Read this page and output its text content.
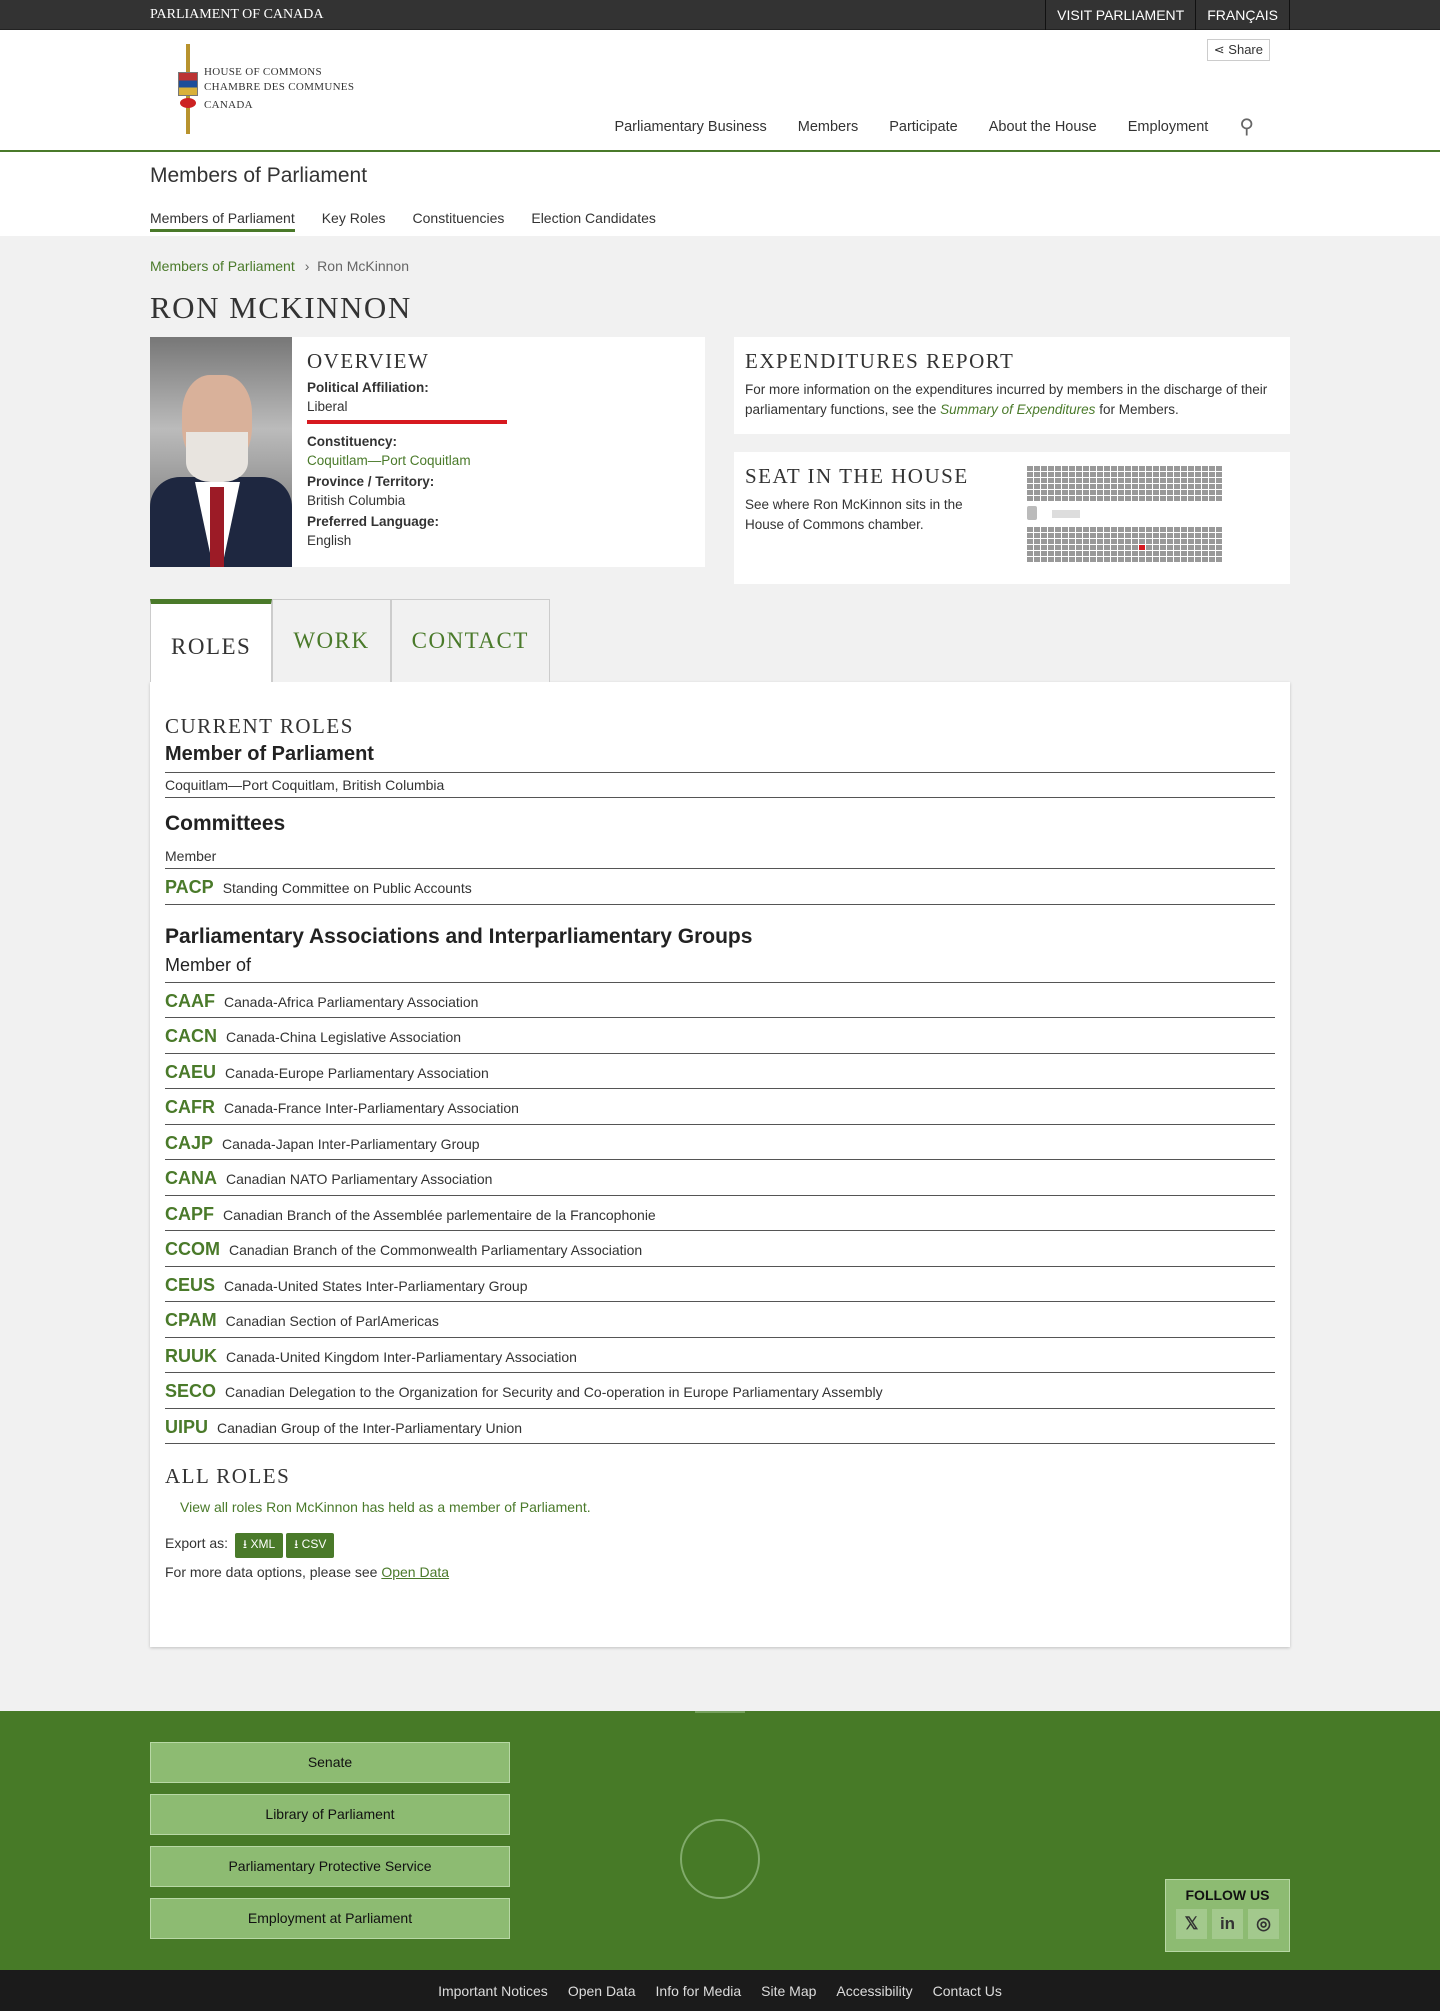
PARLIAMENT OF CANADA	VISIT PARLIAMENT	FRANÇAIS
HOUSE OF COMMONS
CHAMBRE DES COMMUNES
CANADA
⋖ Share
Parliamentary Business Members Participate About the House Employment ⚲
Members of Parliament
Members of Parliament Key Roles Constituencies Election Candidates
Members of Parliament › Ron McKinnon
RON MCKINNON
OVERVIEW
Political Affiliation:
Liberal
Constituency:
Coquitlam—Port Coquitlam
Province / Territory:
British Columbia
Preferred Language:
English
EXPENDITURES REPORT

For more information on the expenditures incurred by members in the discharge of their parliamentary functions, see the Summary of Expenditures for Members.

SEAT IN THE HOUSE

See where Ron McKinnon sits in the House of Commons chamber.

ROLES	WORK	CONTACT
CURRENT ROLES
Member of Parliament
Coquitlam—Port Coquitlam, British Columbia
Committees
Member
PACP Standing Committee on Public Accounts
Parliamentary Associations and Interparliamentary Groups
Member of
CAAF Canada-Africa Parliamentary Association
CACN Canada-China Legislative Association
CAEU Canada-Europe Parliamentary Association
CAFR Canada-France Inter-Parliamentary Association
CAJP Canada-Japan Inter-Parliamentary Group
CANA Canadian NATO Parliamentary Association
CAPF Canadian Branch of the Assemblée parlementaire de la Francophonie
CCOM Canadian Branch of the Commonwealth Parliamentary Association
CEUS Canada-United States Inter-Parliamentary Group
CPAM Canadian Section of ParlAmericas
RUUK Canada-United Kingdom Inter-Parliamentary Association
SECO Canadian Delegation to the Organization for Security and Co-operation in Europe Parliamentary Assembly
UIPU Canadian Group of the Inter-Parliamentary Union
ALL ROLES
View all roles Ron McKinnon has held as a member of Parliament.
Export as: ⭳ XML ⭳ CSV
For more data options, please see Open Data
Senate
Library of Parliament
Parliamentary Protective Service
Employment at Parliament
FOLLOW US
𝕏	in	◎
Important Notices Open Data Info for Media Site Map Accessibility Contact Us
